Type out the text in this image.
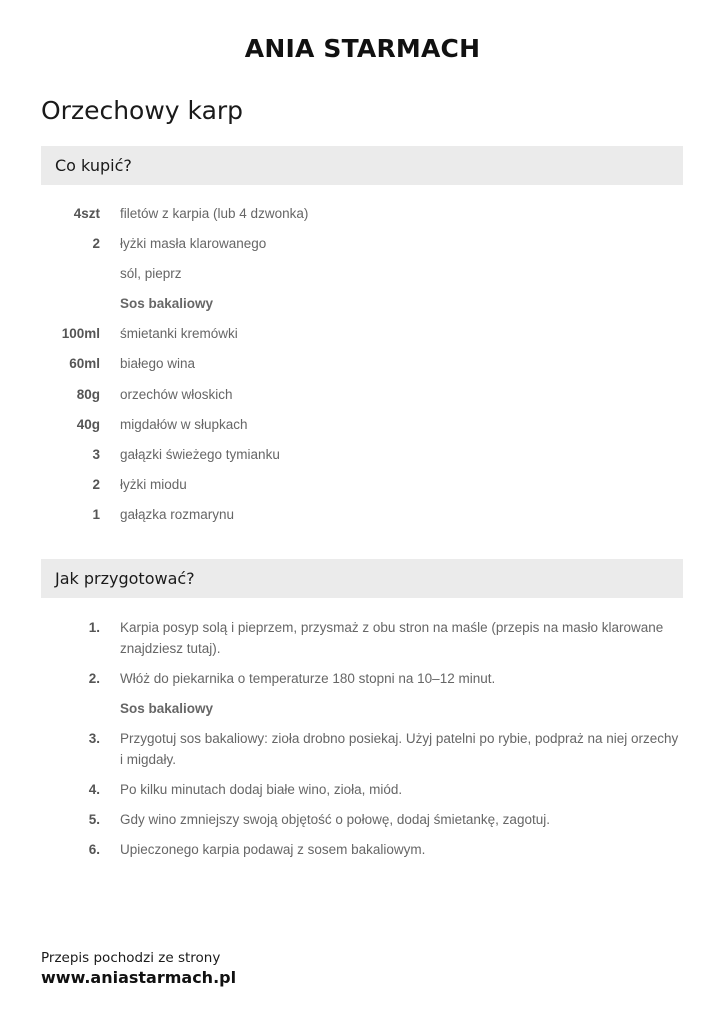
ANIA STARMACH
Orzechowy karp
Co kupić?
4szt filetów z karpia (lub 4 dzwonka)
2 łyżki masła klarowanego
sól, pieprz
Sos bakaliowy
100ml śmietanki kremówki
60ml białego wina
80g orzechów włoskich
40g migdałów w słupkach
3 gałązki świeżego tymianku
2 łyżki miodu
1 gałązka rozmarynu
Jak przygotować?
1. Karpia posyp solą i pieprzem, przysmaż z obu stron na maśle (przepis na masło klarowane znajdziesz tutaj).
2. Włóż do piekarnika o temperaturze 180 stopni na 10–12 minut.
Sos bakaliowy
3. Przygotuj sos bakaliowy: zioła drobno posiekaj. Użyj patelni po rybie, podpraż na niej orzechy i migdały.
4. Po kilku minutach dodaj białe wino, zioła, miód.
5. Gdy wino zmniejszy swoją objętość o połowę, dodaj śmietankę, zagotuj.
6. Upieczonego karpia podawaj z sosem bakaliowym.
Przepis pochodzi ze strony
www.aniastarmach.pl
